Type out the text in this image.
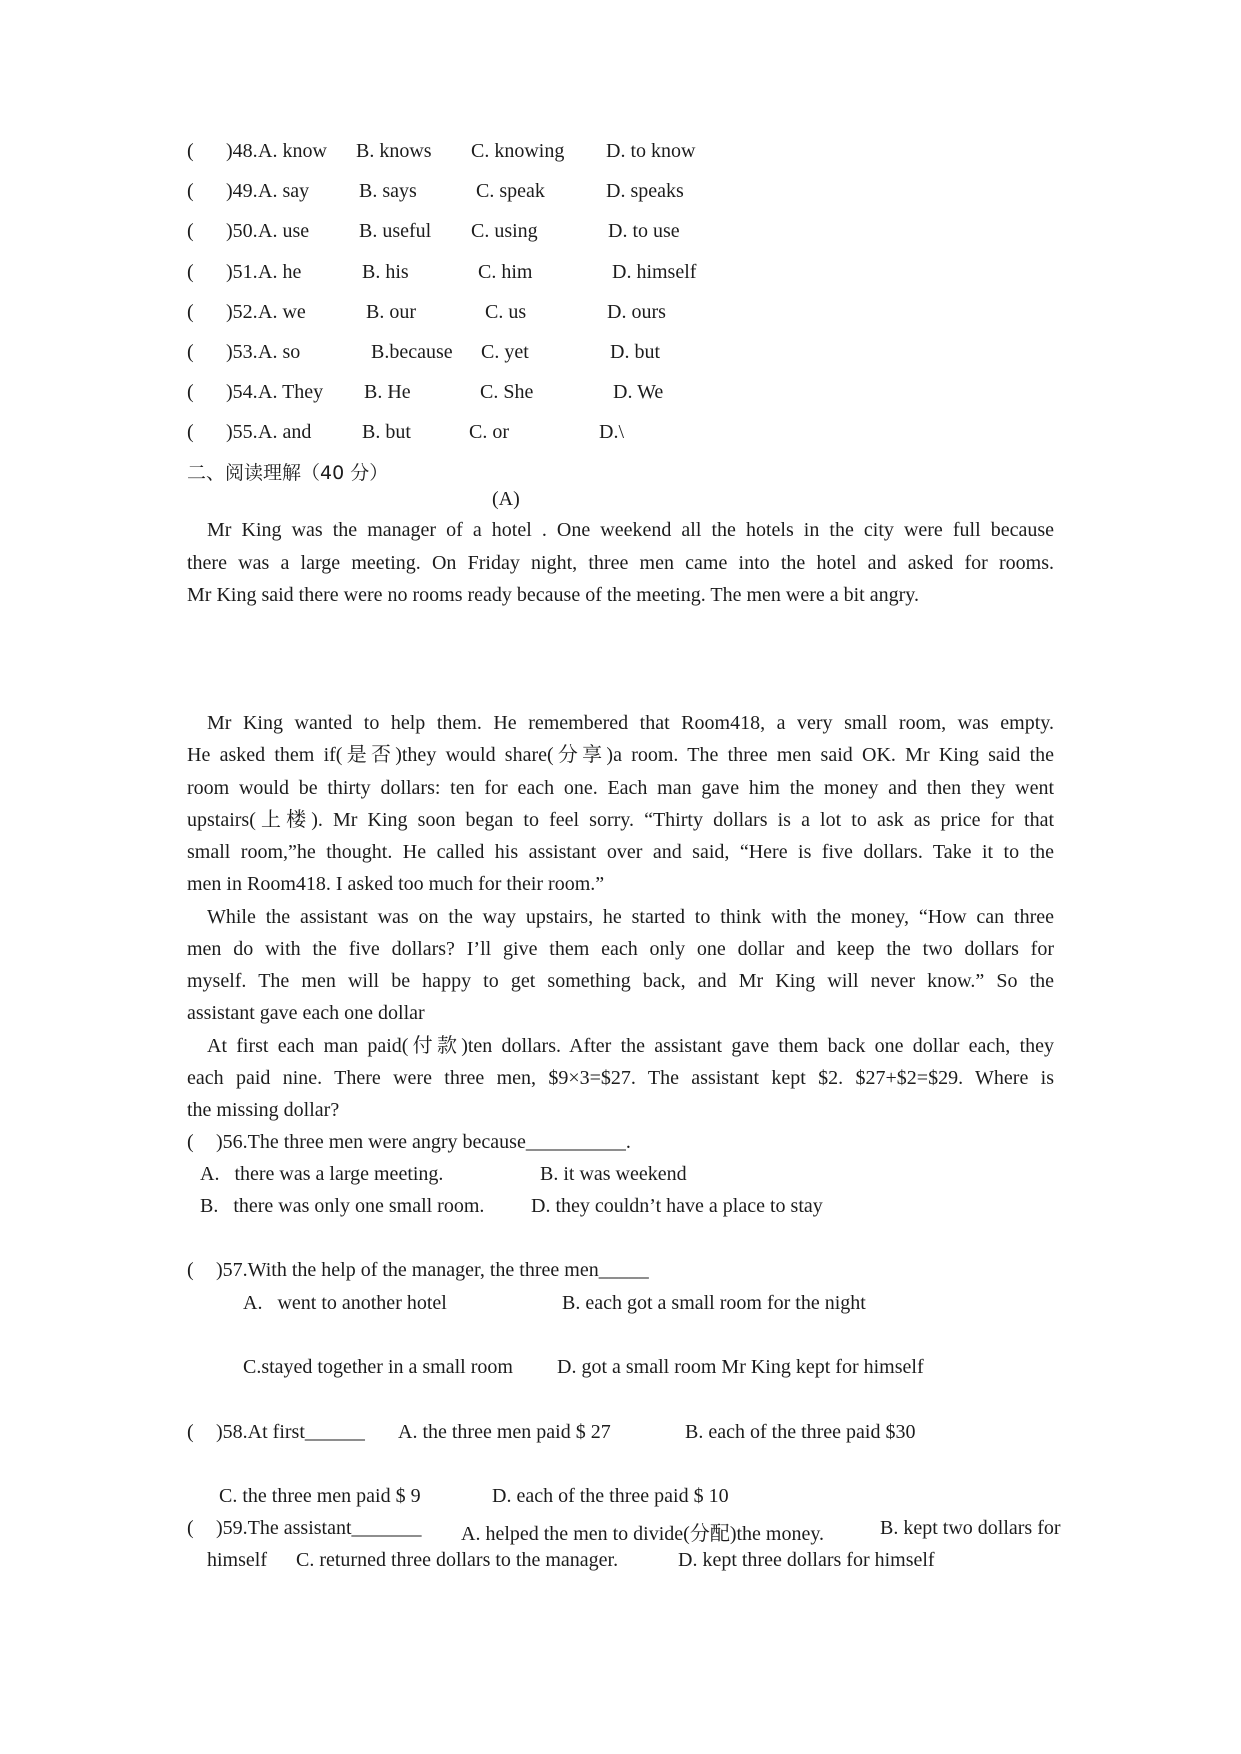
( )48. A. know B. knows C. knowing D. to know
( )49. A. say B. says	C. speak	D. speaks
( )50. A. use B. useful C. using	D. to use
( )51. A. he	B. his	C. him	D. himself
( )52. A. we	B. our	C. us	D. ours
( )53. A. so	B.because C. yet	D. but
( )54. A. They B. He	C. She	D. We
( )55. A. and	B. but	C. or	D.\
二、阅读理解（40 分）
(A)
Mr King was the manager of a hotel . One weekend all the hotels in the city were full because
there was a large meeting. On Friday night, three men came into the hotel and asked for rooms.
Mr King said there were no rooms ready because of the meeting. The men were a bit angry.
Mr King wanted to help them. He remembered that Room418, a very small room, was empty.
He asked them if(是否)they would share(分享)a room. The three men said OK. Mr King said the
room would be thirty dollars: ten for each one. Each man gave him the money and then they went
upstairs(上楼). Mr King soon began to feel sorry. “Thirty dollars is a lot to ask as price for that
small room,”he thought. He called his assistant over and said, “Here is five dollars. Take it to the
men in Room418. I asked too much for their room.”
While the assistant was on the way upstairs, he started to think with the money, “How can three
men do with the five dollars? I’ll give them each only one dollar and keep the two dollars for
myself. The men will be happy to get something back, and Mr King will never know.” So the
assistant gave each one dollar
At first each man paid(付款)ten dollars. After the assistant gave them back one dollar each, they
each paid nine. There were three men, $9×3=$27. The assistant kept $2. $27+$2=$29. Where is
the missing dollar?
( )56.The three men were angry because__________.
A.   there was a large meeting.	B. it was weekend
B.   there was only one small room. D. they couldn’t have a place to stay
( )57.With the help of the manager, the three men_____
A.   went to another hotel	B. each got a small room for the night
C.stayed together in a small room D. got a small room Mr King kept for himself
( )58.At first______ A. the three men paid $ 27	B. each of the three paid $30
C. the three men paid $ 9	D. each of the three paid $ 10
( )59.The assistant_______ A. helped the men to divide(分配)the money.	B. kept two dollars for
himself C. returned three dollars to the manager.	D. kept three dollars for himself
